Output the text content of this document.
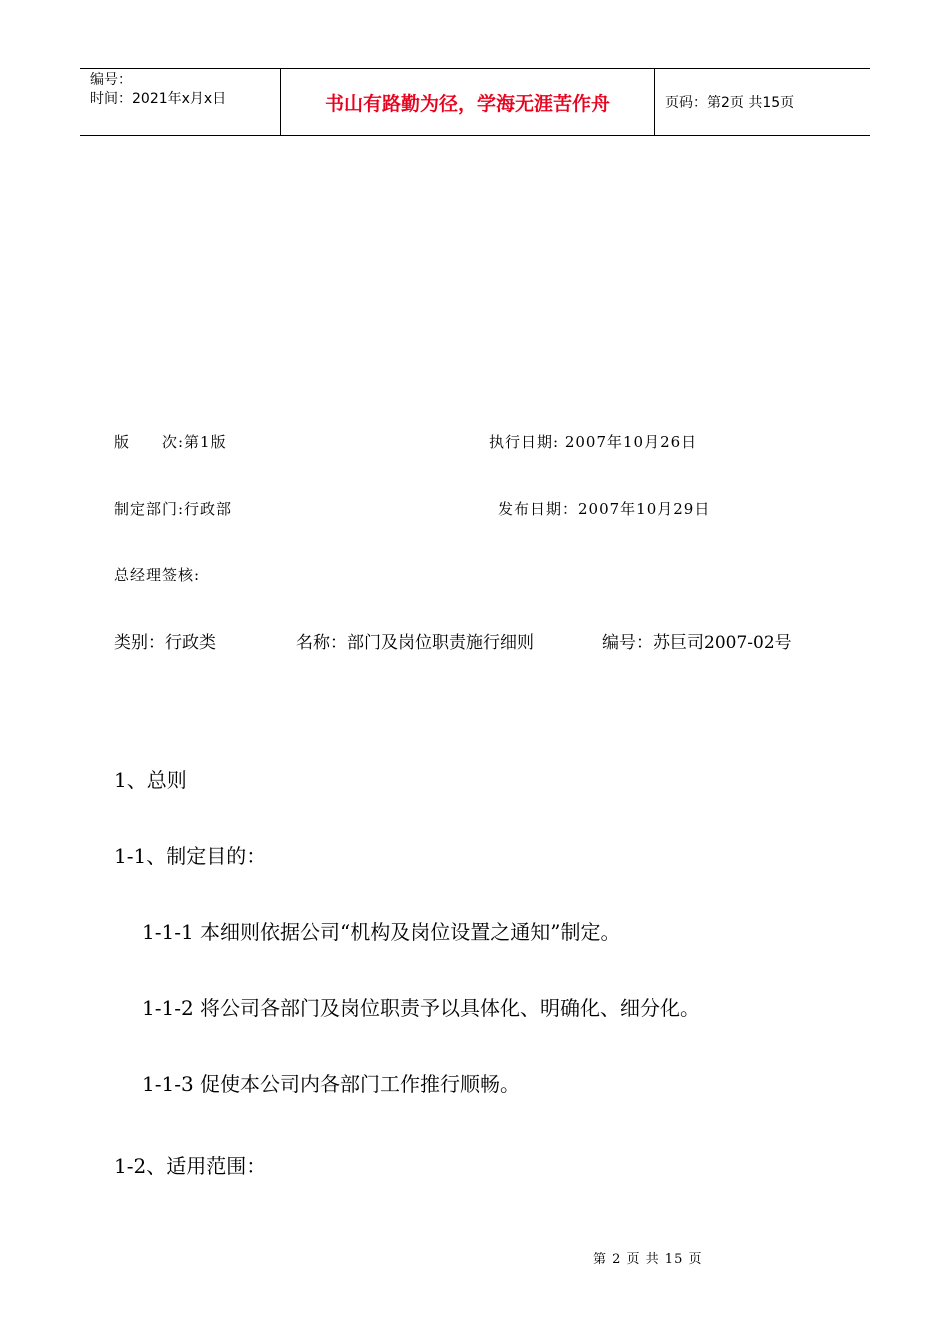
编号：
时间：2021年x月x日	书山有路勤为径，学海无涯苦作舟	页码：第2页 共15页
版　　次:第1版	执行日期: 2007年10月26日
制定部门:行政部	发布日期：2007年10月29日
总经理签核:
类别：行政类	名称：部门及岗位职责施行细则	编号：苏巨司2007-02号
1、总则
1-1、制定目的：
1-1-1 本细则依据公司“机构及岗位设置之通知”制定。
1-1-2 将公司各部门及岗位职责予以具体化、明确化、细分化。
1-1-3 促使本公司内各部门工作推行顺畅。
1-2、适用范围：
第 2 页 共 15 页
